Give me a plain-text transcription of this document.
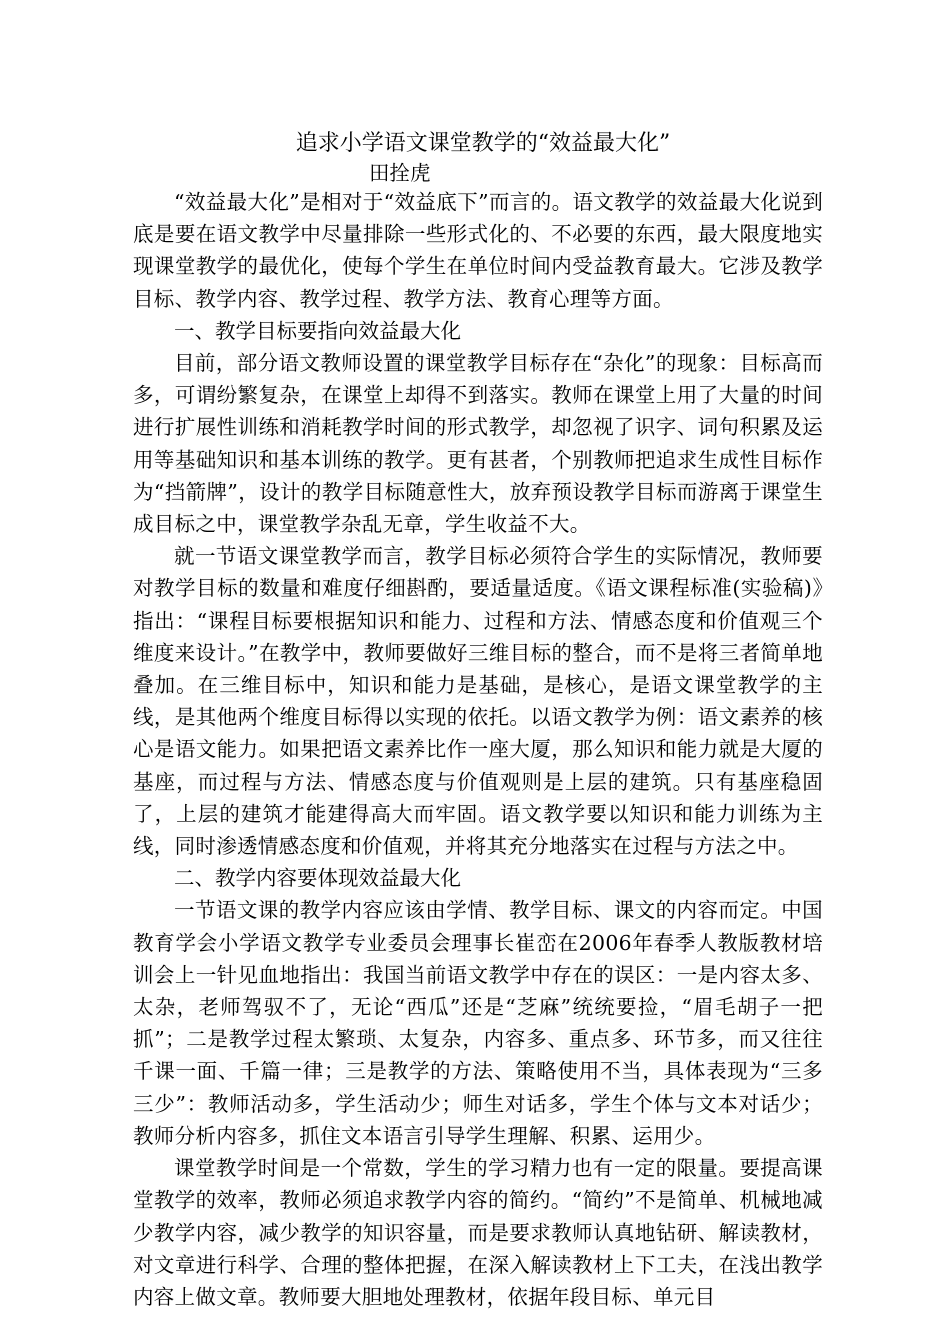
追求小学语文课堂教学的“效益最大化”

田拴虎

“效益最大化”是相对于“效益底下”而言的。语文教学的效益最大化说到底是要在语文教学中尽量排除一些形式化的、不必要的东西，最大限度地实现课堂教学的最优化，使每个学生在单位时间内受益教育最大。它涉及教学目标、教学内容、教学过程、教学方法、教育心理等方面。

一、教学目标要指向效益最大化

目前，部分语文教师设置的课堂教学目标存在“杂化”的现象：目标高而多，可谓纷繁复杂，在课堂上却得不到落实。教师在课堂上用了大量的时间进行扩展性训练和消耗教学时间的形式教学，却忽视了识字、词句积累及运用等基础知识和基本训练的教学。更有甚者，个别教师把追求生成性目标作为“挡箭牌”，设计的教学目标随意性大，放弃预设教学目标而游离于课堂生成目标之中，课堂教学杂乱无章，学生收益不大。

就一节语文课堂教学而言，教学目标必须符合学生的实际情况，教师要对教学目标的数量和难度仔细斟酌，要适量适度。《语文课程标准(实验稿)》指出：“课程目标要根据知识和能力、过程和方法、情感态度和价值观三个维度来设计。”在教学中，教师要做好三维目标的整合，而不是将三者简单地叠加。在三维目标中，知识和能力是基础，是核心，是语文课堂教学的主线，是其他两个维度目标得以实现的依托。以语文教学为例：语文素养的核心是语文能力。如果把语文素养比作一座大厦，那么知识和能力就是大厦的基座，而过程与方法、情感态度与价值观则是上层的建筑。只有基座稳固了，上层的建筑才能建得高大而牢固。语文教学要以知识和能力训练为主线，同时渗透情感态度和价值观，并将其充分地落实在过程与方法之中。

二、教学内容要体现效益最大化

一节语文课的教学内容应该由学情、教学目标、课文的内容而定。中国教育学会小学语文教学专业委员会理事长崔峦在2006年春季人教版教材培训会上一针见血地指出：我国当前语文教学中存在的误区：一是内容太多、太杂，老师驾驭不了，无论“西瓜”还是“芝麻”统统要捡，“眉毛胡子一把抓”；二是教学过程太繁琐、太复杂，内容多、重点多、环节多，而又往往千课一面、千篇一律；三是教学的方法、策略使用不当，具体表现为“三多三少”：教师活动多，学生活动少；师生对话多，学生个体与文本对话少；教师分析内容多，抓住文本语言引导学生理解、积累、运用少。

课堂教学时间是一个常数，学生的学习精力也有一定的限量。要提高课堂教学的效率，教师必须追求教学内容的简约。“简约”不是简单、机械地减少教学内容，减少教学的知识容量，而是要求教师认真地钻研、解读教材，对文章进行科学、合理的整体把握，在深入解读教材上下工夫，在浅出教学内容上做文章。教师要大胆地处理教材，依据年段目标、单元目
